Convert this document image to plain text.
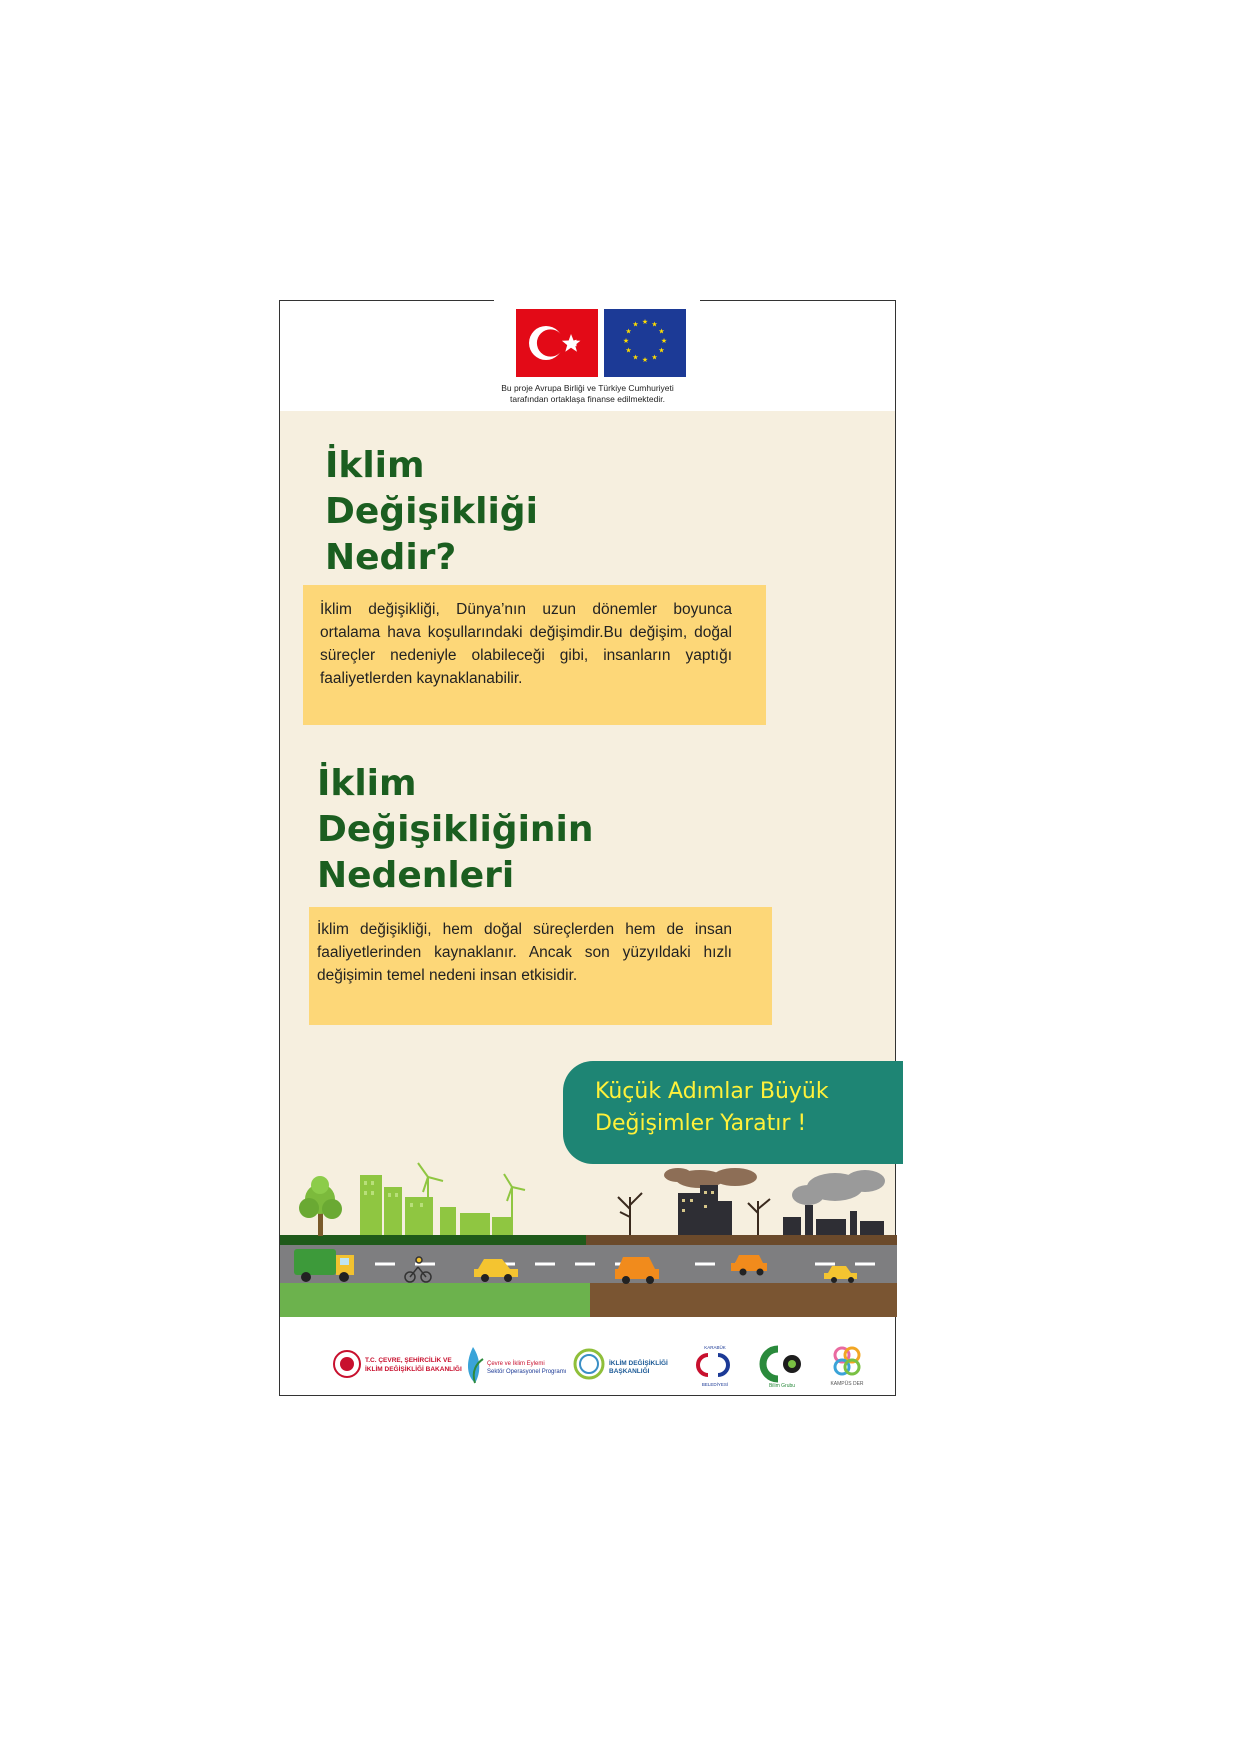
★ ★
★
★
★
★
★
★
★
★
★
★
Bu proje Avrupa Birliği ve Türkiye Cumhuriyeti
tarafından ortaklaşa finanse edilmektedir.
İklim
Değişikliği
Nedir?

İklim değişikliği, Dünya’nın uzun dönemler boyunca ortalama hava koşullarındaki değişimdir.Bu değişim, doğal süreçler nedeniyle olabileceği gibi, insanların yaptığı faaliyetlerden kaynaklanabilir.

İklim
Değişikliğinin
Nedenleri

İklim değişikliği, hem doğal süreçlerden hem de insan faaliyetlerinden kaynaklanır. Ancak son yüzyıldaki hızlı değişimin temel nedeni insan etkisidir.

Küçük Adımlar Büyük
Değişimler Yaratır !
T.C. ÇEVRE, ŞEHİRCİLİK VE
İKLİM DEĞİŞİKLİĞİ BAKANLIĞI
Çevre ve İklim Eylemi
Sektör Operasyonel Programı
İKLİM DEĞİŞİKLİĞİ
BAŞKANLIĞI
KARABÜK
BELEDİYESİ	Bilim Grubu	KAMPÜS DER
